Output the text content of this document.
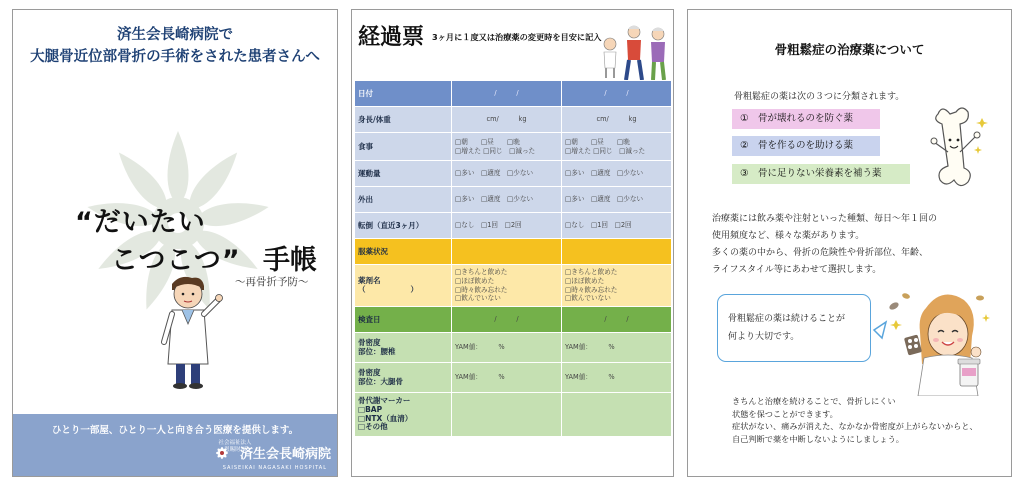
済生会長崎病院で
大腿骨近位部骨折の手術をされた患者さんへ
“だいたい
こつこつ” 手帳
～再骨折予防～
ひとり一部屋、ひとり一人と向き合う医療を提供します。
社会福祉法人 恩賜財団
済生会長崎病院
SAISEIKAI NAGASAKI HOSPITAL
経過票 3ヶ月に１度又は治療薬の変更時を目安に記入
日付	/　　　/	/　　　/
身長/体重	cm/　　　kg	cm/　　　kg
食事	□朝　　□昼　　□晩
□増えた □同じ　□減った	□朝　　□昼　　□晩
□増えた □同じ　□減った
運動量	□多い　□適度　□少ない	□多い　□適度　□少ない
外出	□多い　□適度　□少ない	□多い　□適度　□少ない
転倒（直近3ヶ月）	□なし　□1回　□2回	□なし　□1回　□2回
服薬状況		
薬剤名
（　　　　　　）	□きちんと飲めた
□ほぼ飲めた
□時々飲み忘れた
□飲んでいない	□きちんと飲めた
□ほぼ飲めた
□時々飲み忘れた
□飲んでいない
検査日	/　　　/	/　　　/
骨密度
部位：腰椎	YAM値：　　　%	YAM値：　　　%
骨密度
部位：大腿骨	YAM値：　　　%	YAM値：　　　%
骨代謝マーカー
□BAP
□NTX（血清）
□その他		
骨粗鬆症の治療薬について
骨粗鬆症の薬は次の３つに分類されます。
①　骨が壊れるのを防ぐ薬
②　骨を作るのを助ける薬
③　骨に足りない栄養素を補う薬
治療薬には飲み薬や注射といった種類、毎日〜年１回の
使用頻度など、様々な薬があります。
多くの薬の中から、骨折の危険性や骨折部位、年齢、
ライフスタイル等にあわせて選択します。
骨粗鬆症の薬は続けることが
何より大切です。
きちんと治療を続けることで、骨折しにくい
状態を保つことができます。
症状がない、痛みが消えた、なかなか骨密度が上がらないからと、
自己判断で薬を中断しないようにしましょう。
